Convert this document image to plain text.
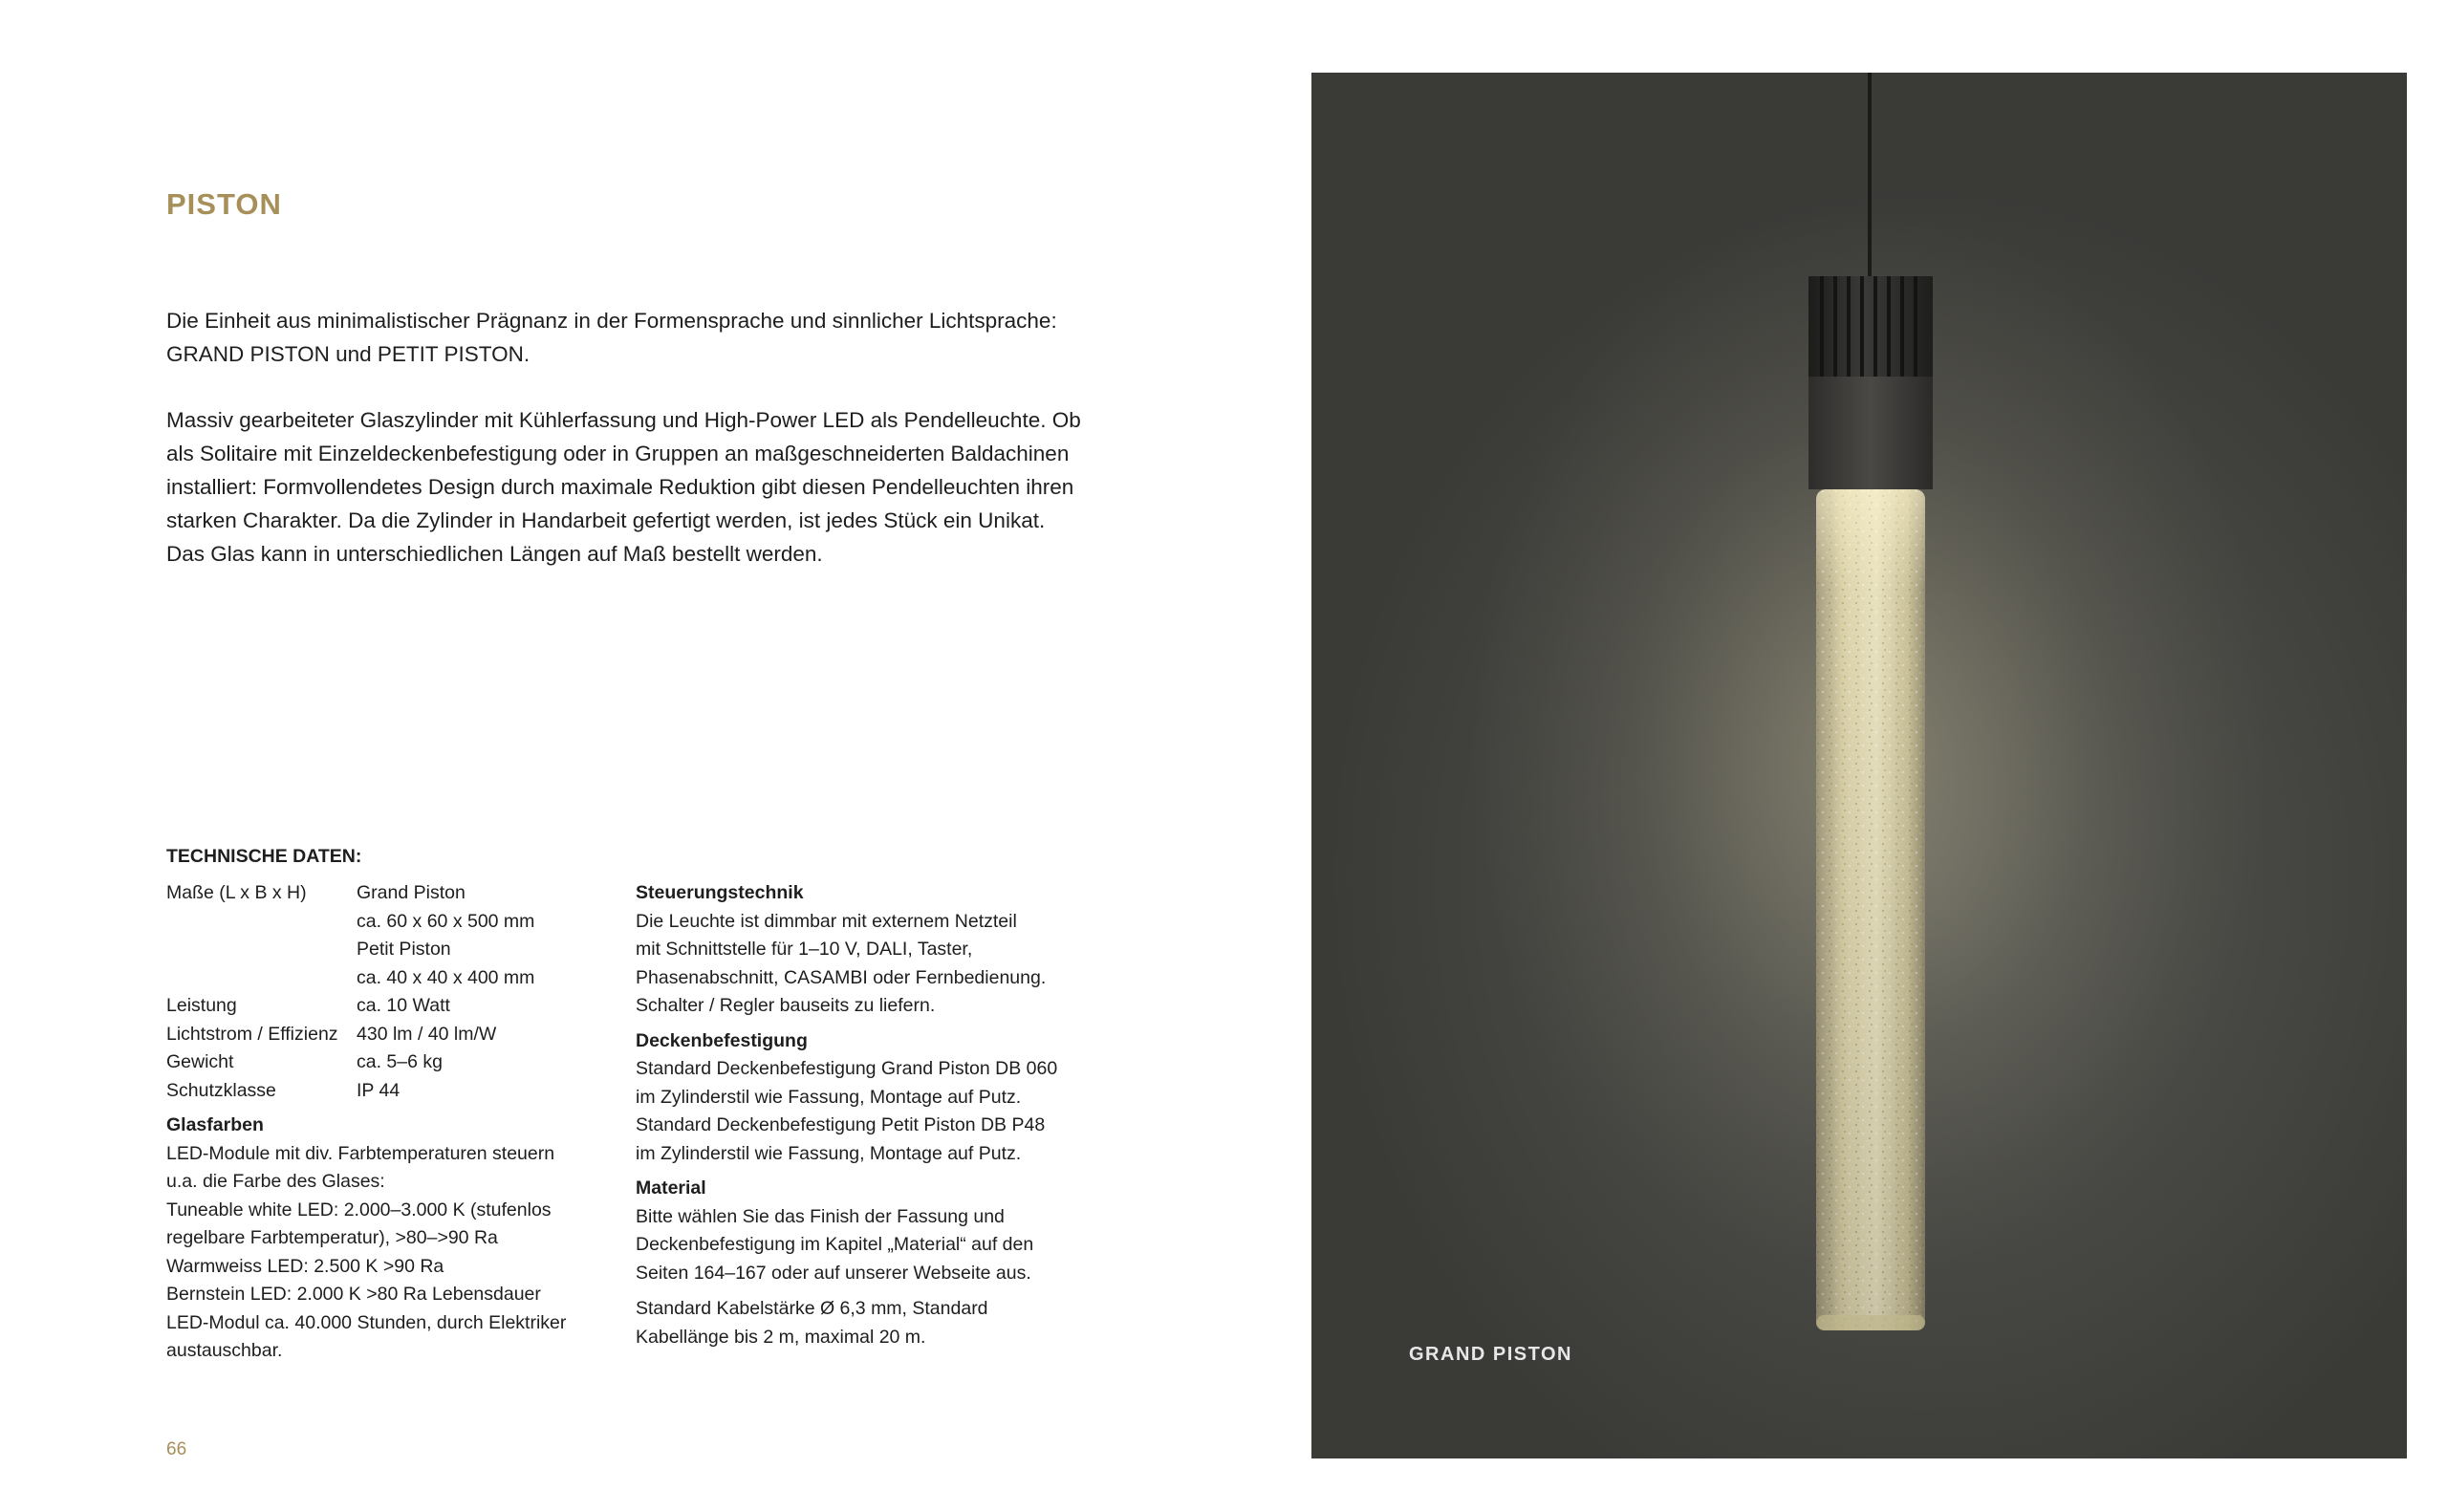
PISTON

Die Einheit aus minimalistischer Prägnanz in der Formensprache und sinnlicher Lichtsprache: GRAND PISTON und PETIT PISTON.

Massiv gearbeiteter Glaszylinder mit Kühlerfassung und High-Power LED als Pendelleuchte. Ob als Solitaire mit Einzeldeckenbefestigung oder in Gruppen an maßgeschneiderten Baldachinen installiert: Formvollendetes Design durch maximale Reduktion gibt diesen Pendelleuchten ihren starken Charakter. Da die Zylinder in Handarbeit gefertigt werden, ist jedes Stück ein Unikat. Das Glas kann in unterschiedlichen Längen auf Maß bestellt werden.

TECHNISCHE DATEN:
Maße (L x B x H)	Grand Piston
ca. 60 x 60 x 500 mm
Petit Piston
ca. 40 x 40 x 400 mm
Leistung	ca. 10 Watt
Lichtstrom / Effizienz 430 lm / 40 lm/W
Gewicht	ca. 5–6 kg
Schutzklasse	IP 44
Glasfarben
LED-Module mit div. Farbtemperaturen steuern
u.a. die Farbe des Glases:
Tuneable white LED: 2.000–3.000 K (stufenlos
regelbare Farbtemperatur), >80–>90 Ra
Warmweiss LED: 2.500 K >90 Ra
Bernstein LED: 2.000 K >80 Ra Lebensdauer
LED-Modul ca. 40.000 Stunden, durch Elektriker
austauschbar.
Steuerungstechnik
Die Leuchte ist dimmbar mit externem Netzteil
mit Schnittstelle für 1–10 V, DALI, Taster,
Phasenabschnitt, CASAMBI oder Fernbedienung.
Schalter / Regler bauseits zu liefern.
Deckenbefestigung
Standard Deckenbefestigung Grand Piston DB 060
im Zylinderstil wie Fassung, Montage auf Putz.
Standard Deckenbefestigung Petit Piston DB P48
im Zylinderstil wie Fassung, Montage auf Putz.
Material
Bitte wählen Sie das Finish der Fassung und
Deckenbefestigung im Kapitel „Material“ auf den
Seiten 164–167 oder auf unserer Webseite aus.
Standard Kabelstärke Ø 6,3 mm, Standard
Kabellänge bis 2 m, maximal 20 m.
66
GRAND PISTON
